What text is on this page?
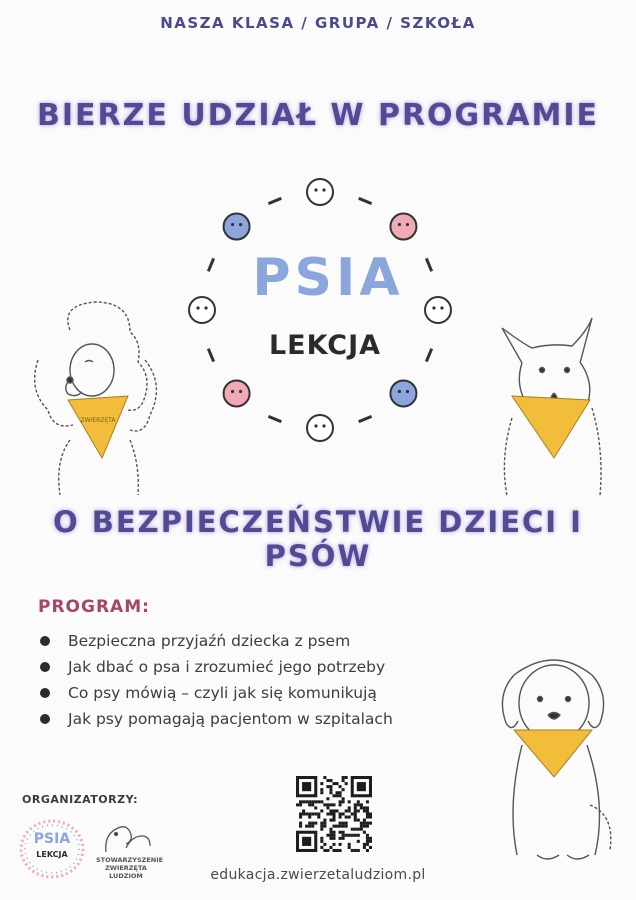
NASZA KLASA / GRUPA / SZKOŁA
BIERZE UDZIAŁ W PROGRAMIE
PSIA
LEKCJA
ZWIERZĘTA
O BEZPIECZEŃSTWIE DZIECI I PSÓW
PROGRAM:
Bezpieczna przyjaźń dziecka z psem
Jak dbać o psa i zrozumieć jego potrzeby
Co psy mówią – czyli jak się komunikują
Jak psy pomagają pacjentom w szpitalach
ORGANIZATORZY:
PSIA
LEKCJA
STOWARZYSZENIE ZWIERZĘTA LUDZIOM	edukacja.zwierzetaludziom.pl
